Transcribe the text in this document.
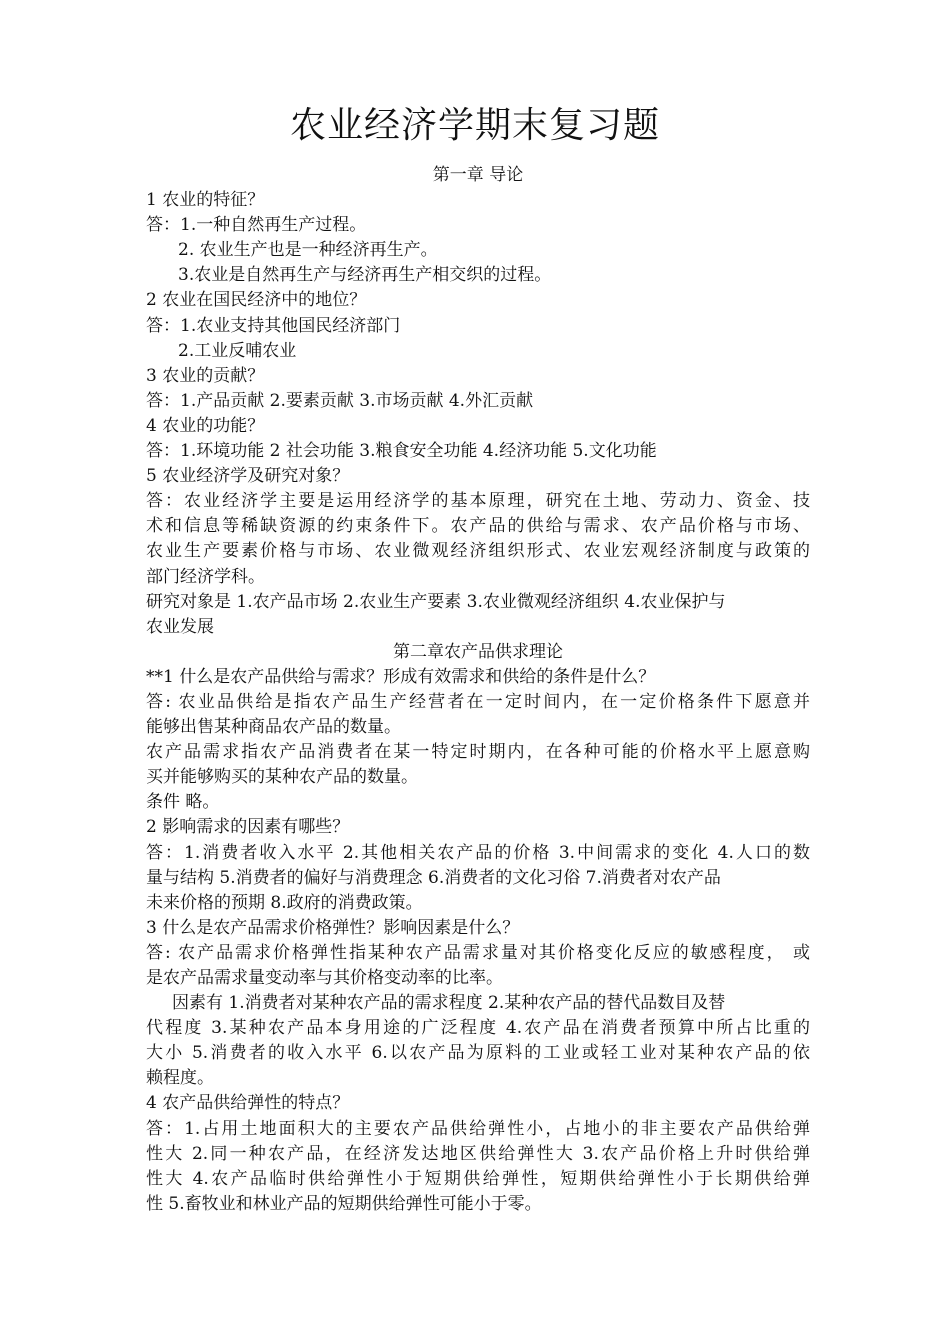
农业经济学期末复习题
第一章 导论
1 农业的特征？
答：1.一种自然再生产过程。
2. 农业生产也是一种经济再生产。
3.农业是自然再生产与经济再生产相交织的过程。
2 农业在国民经济中的地位？
答：1.农业支持其他国民经济部门
2.工业反哺农业
3 农业的贡献？
答：1.产品贡献 2.要素贡献 3.市场贡献 4.外汇贡献
4 农业的功能？
答：1.环境功能 2 社会功能 3.粮食安全功能 4.经济功能 5.文化功能
5 农业经济学及研究对象？
答：农业经济学主要是运用经济学的基本原理，研究在土地、劳动力、资金、技
术和信息等稀缺资源的约束条件下。农产品的供给与需求、农产品价格与市场、
农业生产要素价格与市场、农业微观经济组织形式、农业宏观经济制度与政策的
部门经济学科。
研究对象是 1.农产品市场 2.农业生产要素 3.农业微观经济组织 4.农业保护与
农业发展
第二章农产品供求理论
**1 什么是农产品供给与需求？形成有效需求和供给的条件是什么？
答: 农业品供给是指农产品生产经营者在一定时间内，在一定价格条件下愿意并
能够出售某种商品农产品的数量。
农产品需求指农产品消费者在某一特定时期内，在各种可能的价格水平上愿意购
买并能够购买的某种农产品的数量。
条件 略。
2 影响需求的因素有哪些？
答：1.消费者收入水平 2.其他相关农产品的价格 3.中间需求的变化 4.人口的数
量与结构 5.消费者的偏好与消费理念 6.消费者的文化习俗 7.消费者对农产品
未来价格的预期 8.政府的消费政策。
3 什么是农产品需求价格弹性？影响因素是什么？
答: 农产品需求价格弹性指某种农产品需求量对其价格变化反应的敏感程度， 或
是农产品需求量变动率与其价格变动率的比率。
因素有 1.消费者对某种农产品的需求程度 2.某种农产品的替代品数目及替
代程度 3.某种农产品本身用途的广泛程度 4.农产品在消费者预算中所占比重的
大小 5.消费者的收入水平 6.以农产品为原料的工业或轻工业对某种农产品的依
赖程度。
4 农产品供给弹性的特点？
答：1.占用土地面积大的主要农产品供给弹性小，占地小的非主要农产品供给弹
性大 2.同一种农产品，在经济发达地区供给弹性大 3.农产品价格上升时供给弹
性大 4.农产品临时供给弹性小于短期供给弹性，短期供给弹性小于长期供给弹
性 5.畜牧业和林业产品的短期供给弹性可能小于零。
